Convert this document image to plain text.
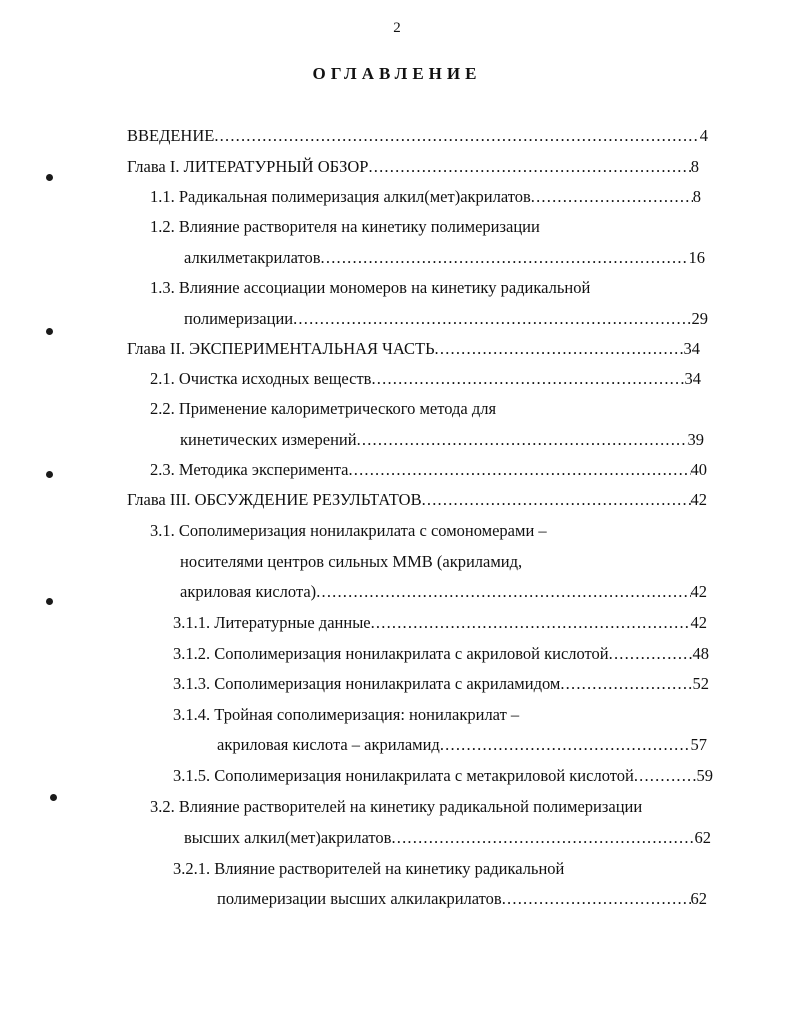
2
ОГЛАВЛЕНИЕ
ВВЕДЕНИЕ .....	4
Глава I. ЛИТЕРАТУРНЫЙ ОБЗОР .....	8
1.1. Радикальная полимеризация алкил(мет)акрилатов .....	8
1.2. Влияние растворителя на кинетику полимеризации
алкилметакрилатов .....	16
1.3. Влияние ассоциации мономеров на кинетику радикальной
полимеризации .....	29
Глава II. ЭКСПЕРИМЕНТАЛЬНАЯ ЧАСТЬ .....	34
2.1. Очистка исходных веществ .....	34
2.2. Применение калориметрического метода для
кинетических измерений .....	39
2.3. Методика эксперимента .....	40
Глава III. ОБСУЖДЕНИЕ РЕЗУЛЬТАТОВ .....	42
3.1. Сополимеризация нонилакрилата с сомономерами –
носителями центров сильных ММВ (акриламид,
акриловая кислота) .....	42
3.1.1. Литературные данные .....	42
3.1.2. Сополимеризация нонилакрилата с акриловой кислотой .....	48
3.1.3. Сополимеризация нонилакрилата с акриламидом .....	52
3.1.4. Тройная сополимеризация: нонилакрилат –
акриловая кислота – акриламид .....	57
3.1.5. Сополимеризация нонилакрилата с метакриловой кислотой .....	59
3.2. Влияние растворителей на кинетику радикальной полимеризации
высших алкил(мет)акрилатов .....	62
3.2.1. Влияние растворителей на кинетику радикальной
полимеризации высших алкилакрилатов .....	62
